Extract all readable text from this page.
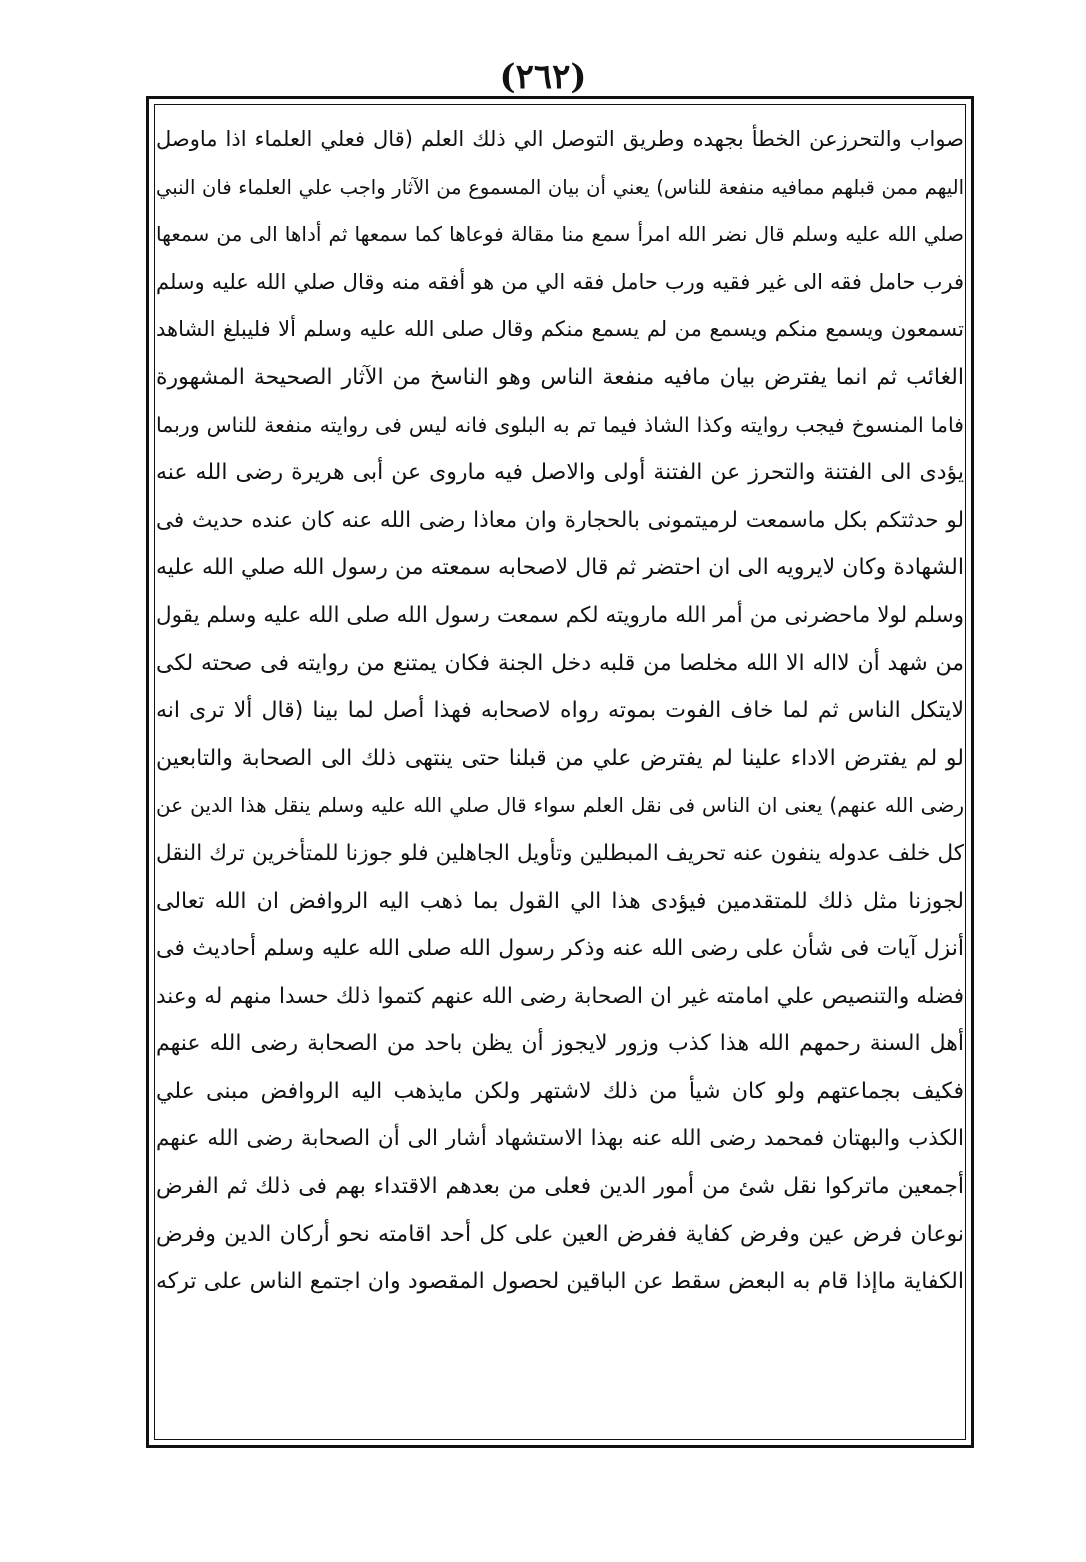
(٢٦٢)
صواب والتحرزعن الخطأ بجهده وطريق التوصل الي ذلك العلم (قال فعلي العلماء اذا ماوصل
اليهم ممن قبلهم ممافيه منفعة للناس) يعني أن بيان المسموع من الآثار واجب علي العلماء فان النبي
صلي الله عليه وسلم قال نضر الله امرأ سمع منا مقالة فوعاها كما سمعها ثم أداها الى من سمعها
فرب حامل فقه الى غير فقيه ورب حامل فقه الي من هو أفقه منه وقال صلي الله عليه وسلم
تسمعون ويسمع منكم ويسمع من لم يسمع منكم وقال صلى الله عليه وسلم ألا فليبلغ الشاهد
الغائب ثم انما يفترض بيان مافيه منفعة الناس وهو الناسخ من الآثار الصحيحة المشهورة
فاما المنسوخ فيجب روايته وكذا الشاذ فيما تم به البلوى فانه ليس فى روايته منفعة للناس وربما
يؤدى الى الفتنة والتحرز عن الفتنة أولى والاصل فيه ماروى عن أبى هريرة رضى الله عنه
لو حدثتكم بكل ماسمعت لرميتمونى بالحجارة وان معاذا رضى الله عنه كان عنده حديث فى
الشهادة وكان لايرويه الى ان احتضر ثم قال لاصحابه سمعته من رسول الله صلي الله عليه
وسلم لولا ماحضرنى من أمر الله مارويته لكم سمعت رسول الله صلى الله عليه وسلم يقول
من شهد أن لااله الا الله مخلصا من قلبه دخل الجنة فكان يمتنع من روايته فى صحته لكى
لايتكل الناس ثم لما خاف الفوت بموته رواه لاصحابه فهذا أصل لما بينا (قال ألا ترى انه
لو لم يفترض الاداء علينا لم يفترض علي من قبلنا حتى ينتهى ذلك الى الصحابة والتابعين
رضى الله عنهم) يعنى ان الناس فى نقل العلم سواء قال صلي الله عليه وسلم ينقل هذا الدين عن
كل خلف عدوله ينفون عنه تحريف المبطلين وتأويل الجاهلين فلو جوزنا للمتأخرين ترك النقل
لجوزنا مثل ذلك للمتقدمين فيؤدى هذا الي القول بما ذهب اليه الروافض ان الله تعالى
أنزل آيات فى شأن على رضى الله عنه وذكر رسول الله صلى الله عليه وسلم أحاديث فى
فضله والتنصيص علي امامته غير ان الصحابة رضى الله عنهم كتموا ذلك حسدا منهم له وعند
أهل السنة رحمهم الله هذا كذب وزور لايجوز أن يظن باحد من الصحابة رضى الله عنهم
فكيف بجماعتهم ولو كان شيأ من ذلك لاشتهر ولكن مايذهب اليه الروافض مبنى علي
الكذب والبهتان فمحمد رضى الله عنه بهذا الاستشهاد أشار الى أن الصحابة رضى الله عنهم
أجمعين ماتركوا نقل شئ من أمور الدين فعلى من بعدهم الاقتداء بهم فى ذلك ثم الفرض
نوعان فرض عين وفرض كفاية ففرض العين على كل أحد اقامته نحو أركان الدين وفرض
الكفاية ماإذا قام به البعض سقط عن الباقين لحصول المقصود وان اجتمع الناس على تركه
